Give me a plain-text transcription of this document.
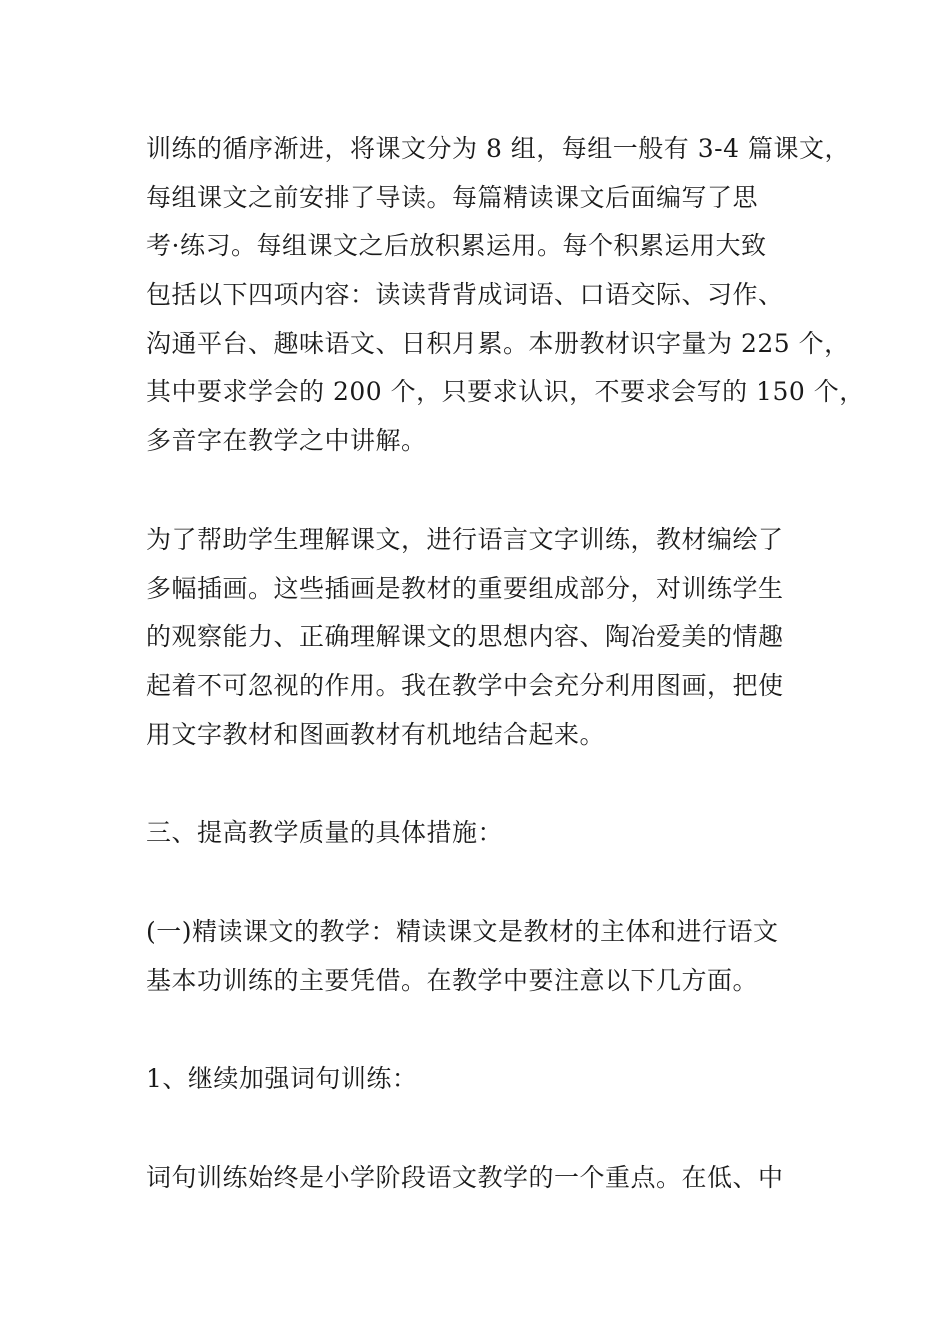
训练的循序渐进，将课文分为 8 组，每组一般有 3-4 篇课文，
每组课文之前安排了导读。每篇精读课文后面编写了思
考·练习。每组课文之后放积累运用。每个积累运用大致
包括以下四项内容：读读背背成词语、口语交际、习作、
沟通平台、趣味语文、日积月累。本册教材识字量为 225 个，
其中要求学会的 200 个，只要求认识，不要求会写的 150 个，
多音字在教学之中讲解。
为了帮助学生理解课文，进行语言文字训练，教材编绘了
多幅插画。这些插画是教材的重要组成部分，对训练学生
的观察能力、正确理解课文的思想内容、陶冶爱美的情趣
起着不可忽视的作用。我在教学中会充分利用图画，把使
用文字教材和图画教材有机地结合起来。
三、提高教学质量的具体措施：
(一)精读课文的教学：精读课文是教材的主体和进行语文
基本功训练的主要凭借。在教学中要注意以下几方面。
1、继续加强词句训练：
词句训练始终是小学阶段语文教学的一个重点。在低、中
